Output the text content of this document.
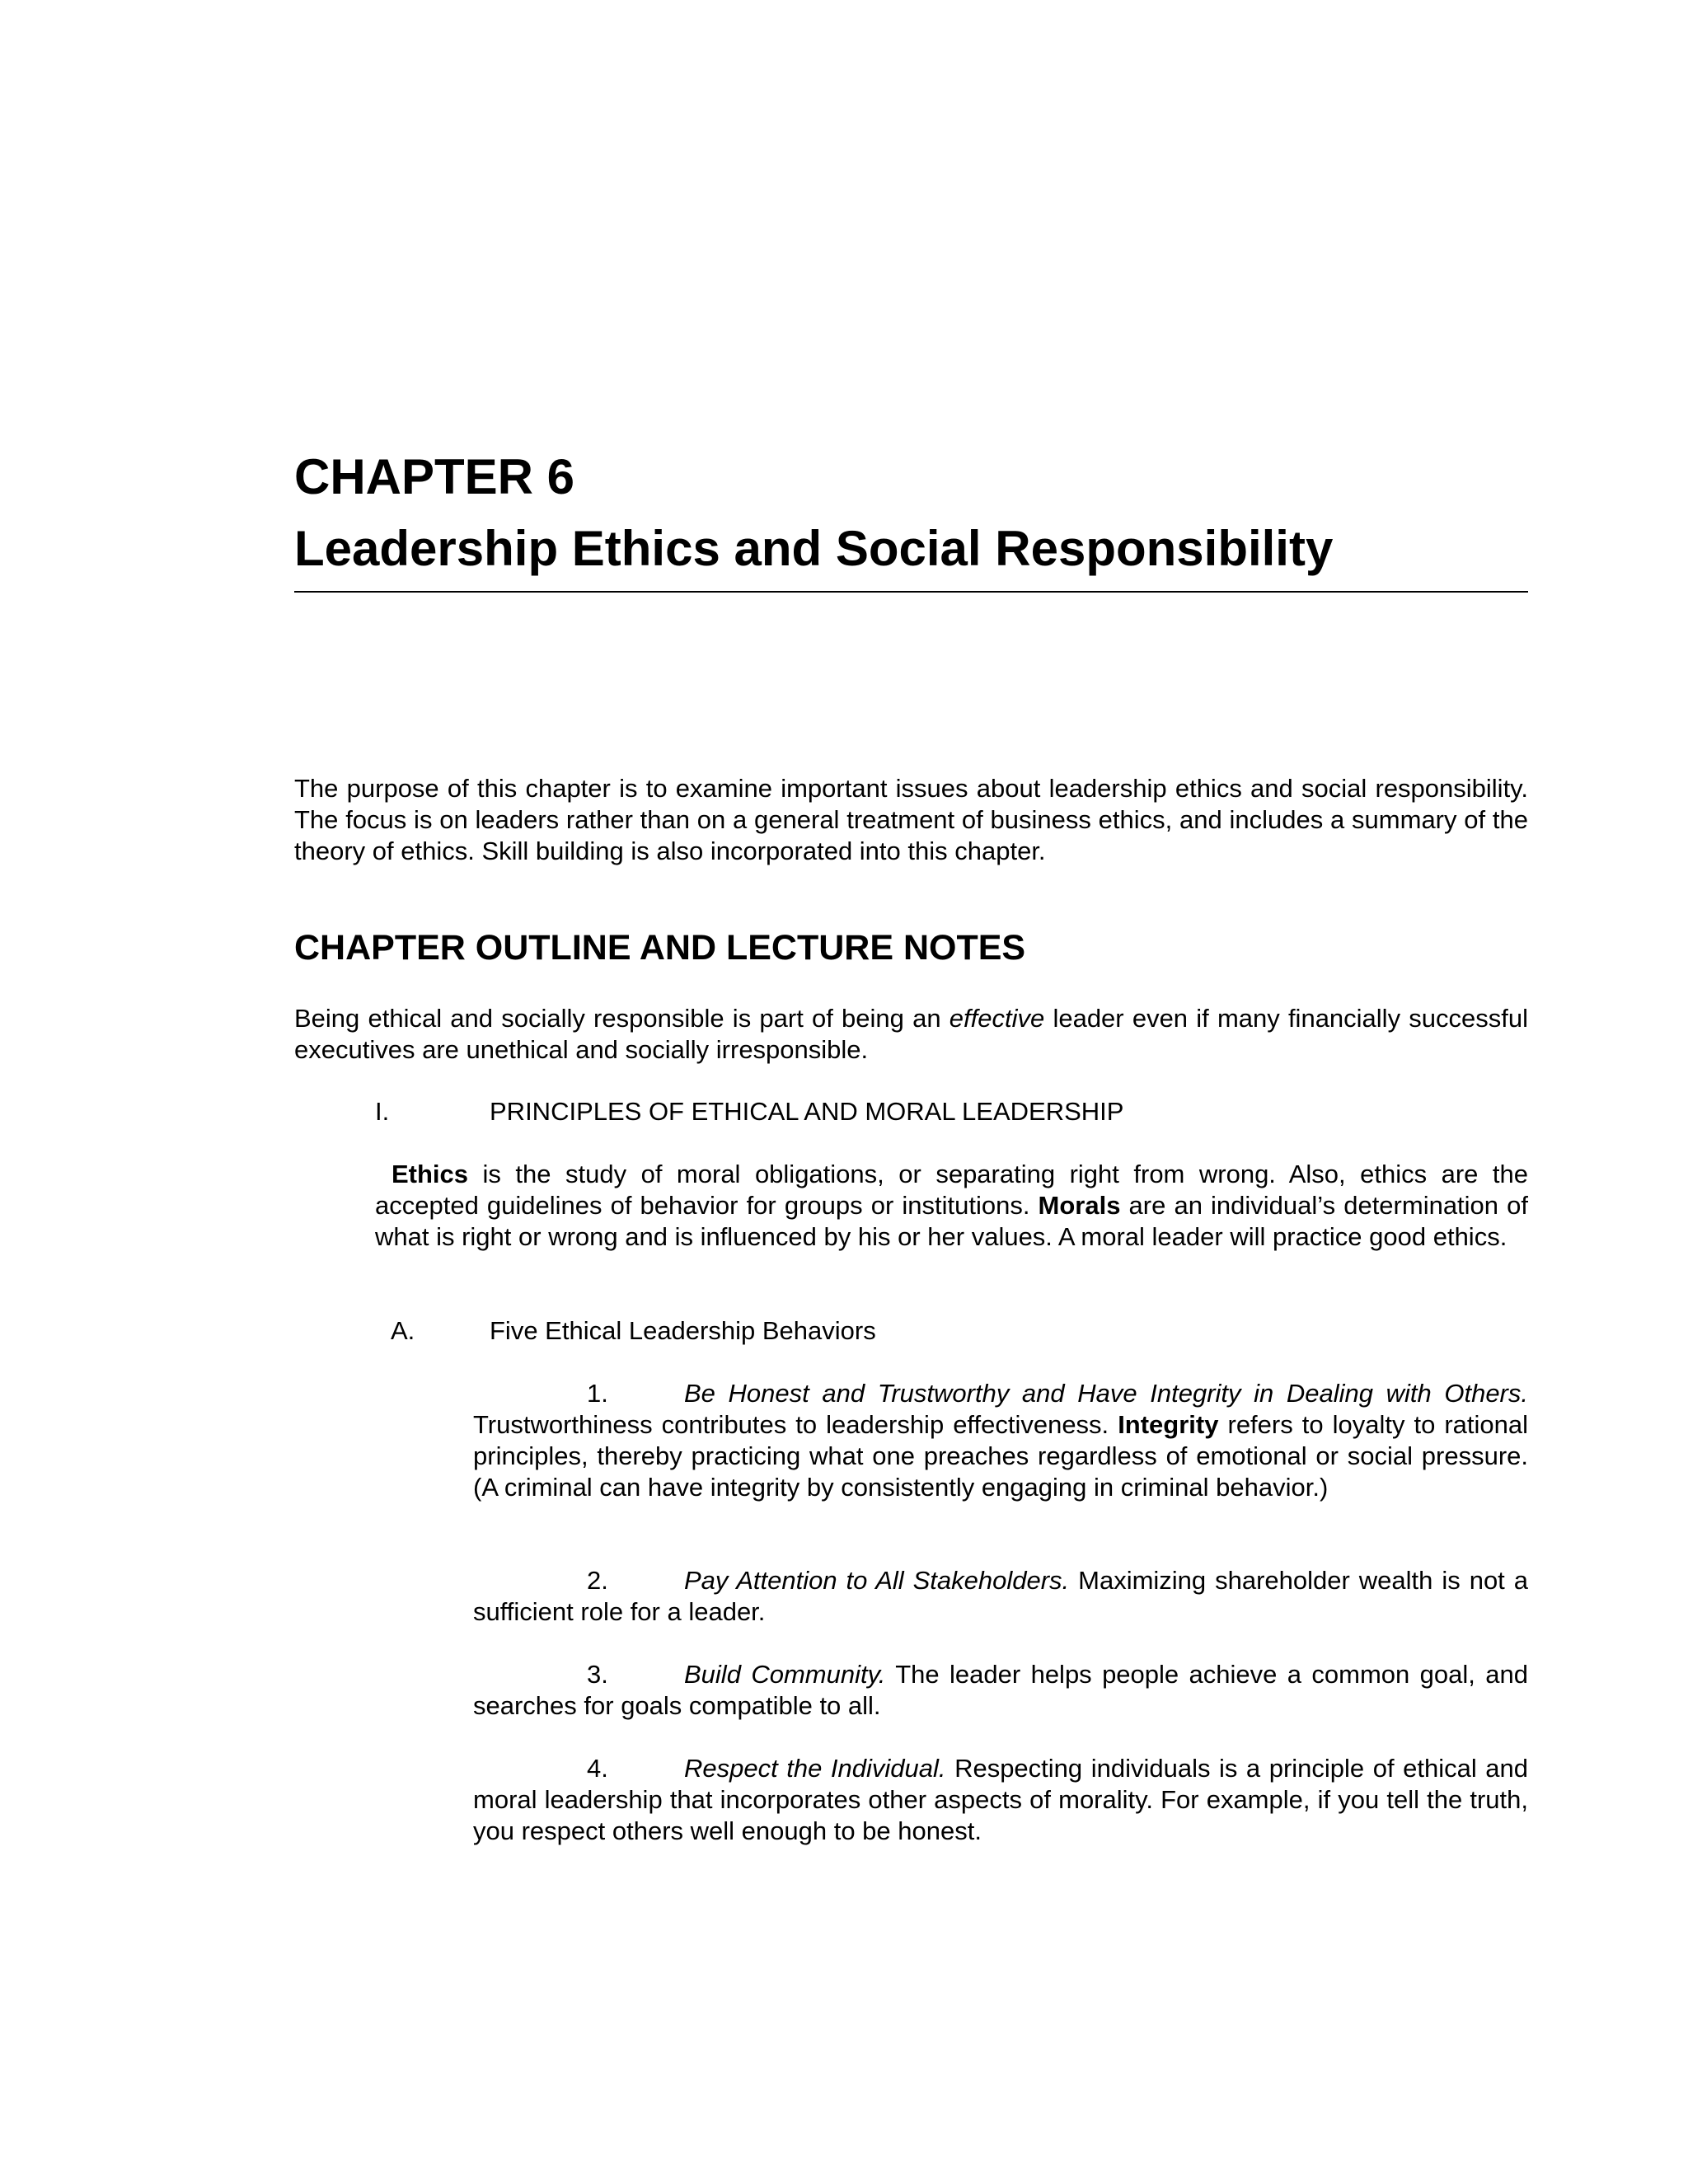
CHAPTER 6
Leadership Ethics and Social Responsibility

The purpose of this chapter is to examine important issues about leadership ethics and social responsibility. The focus is on leaders rather than on a general treatment of business ethics, and includes a summary of the theory of ethics. Skill building is also incorporated into this chapter.

CHAPTER OUTLINE AND LECTURE NOTES

Being ethical and socially responsible is part of being an effective leader even if many financially successful executives are unethical and socially irresponsible.

I.	PRINCIPLES OF ETHICAL AND MORAL LEADERSHIP

Ethics is the study of moral obligations, or separating right from wrong. Also, ethics are the accepted guidelines of behavior for groups or institutions. Morals are an individual’s determination of what is right or wrong and is influenced by his or her values. A moral leader will practice good ethics.

A.	Five Ethical Leadership Behaviors

1.	Be Honest and Trustworthy and Have Integrity in Dealing with Others. Trustworthiness contributes to leadership effectiveness. Integrity refers to loyalty to rational principles, thereby practicing what one preaches regardless of emotional or social pressure. (A criminal can have integrity by consistently engaging in criminal behavior.)

2.	Pay Attention to All Stakeholders. Maximizing shareholder wealth is not a sufficient role for a leader.

3.	Build Community. The leader helps people achieve a common goal, and searches for goals compatible to all.

4.	Respect the Individual. Respecting individuals is a principle of ethical and moral leadership that incorporates other aspects of morality. For example, if you tell the truth, you respect others well enough to be honest.
